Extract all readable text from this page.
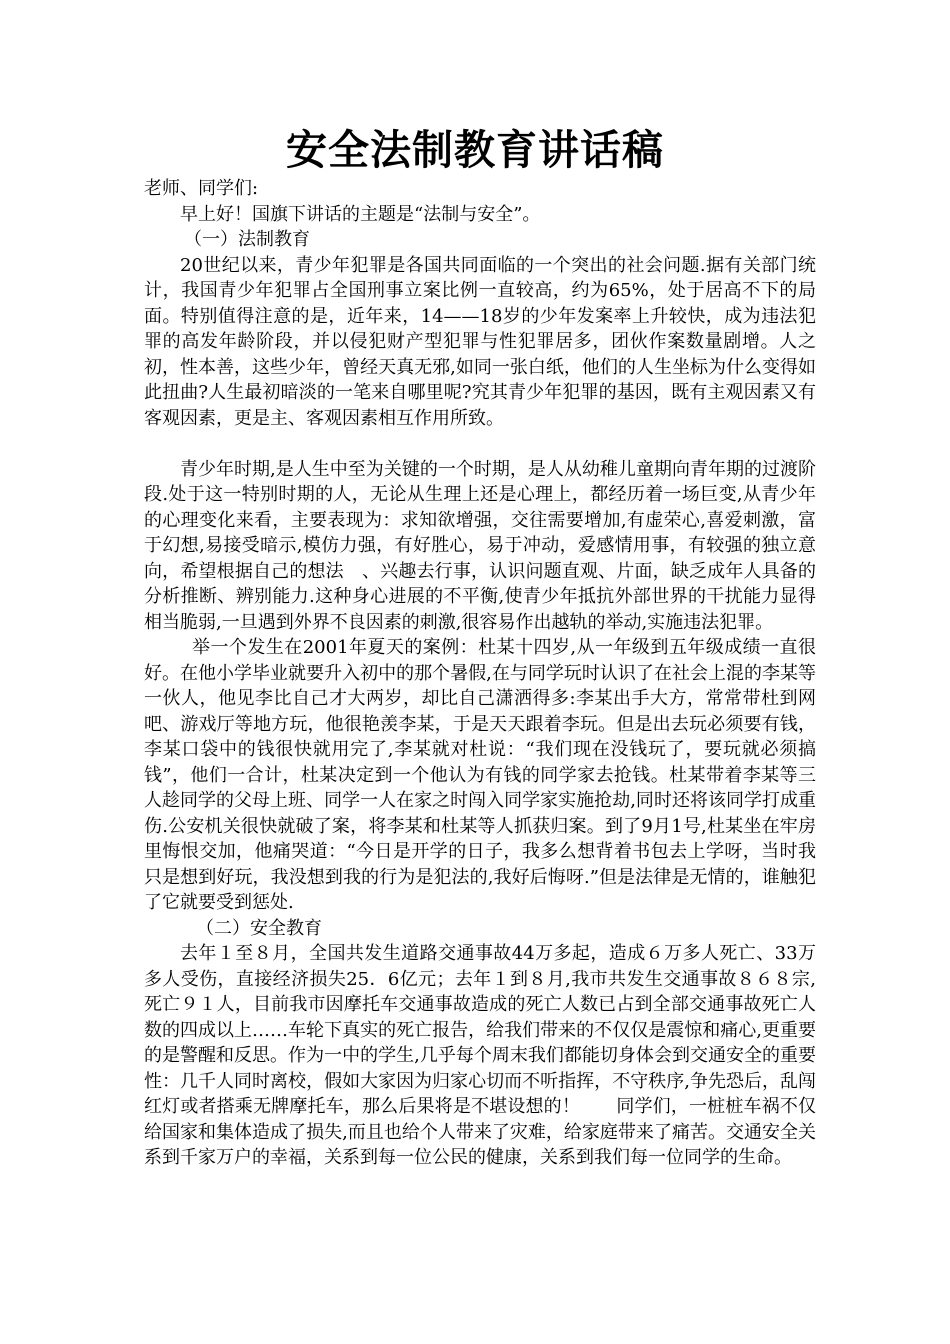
安全法制教育讲话稿

老师、同学们:

早上好！国旗下讲话的主题是“法制与安全”。

（一）法制教育

20世纪以来，青少年犯罪是各国共同面临的一个突出的社会问题.据有关部门统计，我国青少年犯罪占全国刑事立案比例一直较高，约为65%，处于居高不下的局面。特别值得注意的是，近年来，14——18岁的少年发案率上升较快，成为违法犯罪的高发年龄阶段，并以侵犯财产型犯罪与性犯罪居多，团伙作案数量剧增。人之初，性本善，这些少年，曾经天真无邪,如同一张白纸，他们的人生坐标为什么变得如此扭曲?人生最初暗淡的一笔来自哪里呢?究其青少年犯罪的基因，既有主观因素又有客观因素，更是主、客观因素相互作用所致。

青少年时期,是人生中至为关键的一个时期，是人从幼稚儿童期向青年期的过渡阶段.处于这一特别时期的人，无论从生理上还是心理上，都经历着一场巨变,从青少年的心理变化来看，主要表现为：求知欲增强，交往需要增加,有虚荣心,喜爱刺激，富于幻想,易接受暗示,模仿力强，有好胜心，易于冲动，爱感情用事，有较强的独立意向，希望根据自己的想法　、兴趣去行事，认识问题直观、片面，缺乏成年人具备的分析推断、辨别能力.这种身心进展的不平衡,使青少年抵抗外部世界的干扰能力显得相当脆弱,一旦遇到外界不良因素的刺激,很容易作出越轨的举动,实施违法犯罪。

举一个发生在2001年夏天的案例：杜某十四岁,从一年级到五年级成绩一直很好。在他小学毕业就要升入初中的那个暑假,在与同学玩时认识了在社会上混的李某等一伙人，他见李比自己才大两岁，却比自己潇洒得多:李某出手大方，常常带杜到网吧、游戏厅等地方玩，他很艳羡李某，于是天天跟着李玩。但是出去玩必须要有钱，李某口袋中的钱很快就用完了,李某就对杜说：“我们现在没钱玩了，要玩就必须搞钱”，他们一合计，杜某决定到一个他认为有钱的同学家去抢钱。杜某带着李某等三人趁同学的父母上班、同学一人在家之时闯入同学家实施抢劫,同时还将该同学打成重伤.公安机关很快就破了案，将李某和杜某等人抓获归案。到了9月1号,杜某坐在牢房里悔恨交加，他痛哭道：“今日是开学的日子，我多么想背着书包去上学呀，当时我只是想到好玩，我没想到我的行为是犯法的,我好后悔呀.”但是法律是无情的，谁触犯了它就要受到惩处.

（二）安全教育

去年１至８月，全国共发生道路交通事故44万多起，造成６万多人死亡、33万多人受伤，直接经济损失25．6亿元；去年１到８月,我市共发生交通事故８６８宗,死亡９１人，目前我市因摩托车交通事故造成的死亡人数已占到全部交通事故死亡人数的四成以上……车轮下真实的死亡报告，给我们带来的不仅仅是震惊和痛心,更重要的是警醒和反思。作为一中的学生,几乎每个周末我们都能切身体会到交通安全的重要性：几千人同时离校，假如大家因为归家心切而不听指挥，不守秩序,争先恐后，乱闯红灯或者搭乘无牌摩托车，那么后果将是不堪设想的！　　同学们，一桩桩车祸不仅给国家和集体造成了损失,而且也给个人带来了灾难，给家庭带来了痛苦。交通安全关系到千家万户的幸福，关系到每一位公民的健康，关系到我们每一位同学的生命。
